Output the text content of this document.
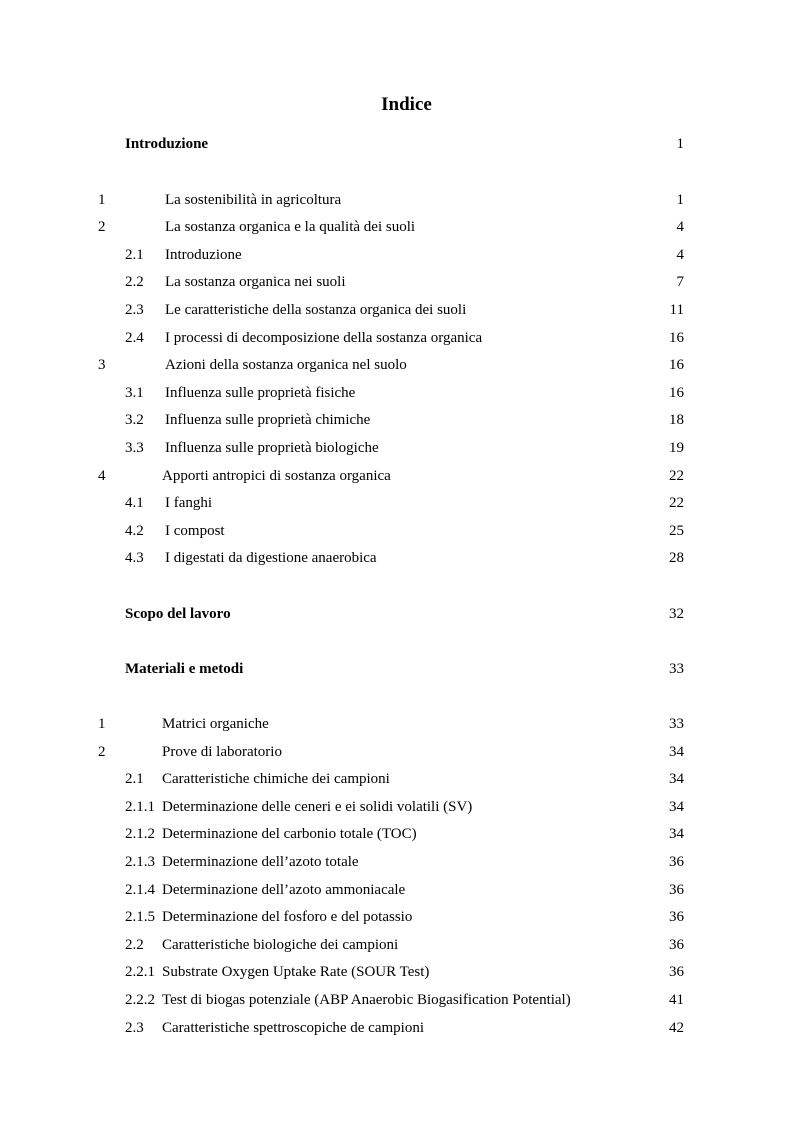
Indice
Introduzione	1
1	La sostenibilità in agricoltura	1
2	La sostanza organica e la qualità dei suoli	4
2.1 Introduzione	4
2.2 La sostanza organica nei suoli	7
2.3 Le caratteristiche della sostanza organica dei suoli	11
2.4 I processi di decomposizione della sostanza organica	16
3	Azioni della sostanza organica nel suolo	16
3.1 Influenza sulle proprietà fisiche	16
3.2 Influenza sulle proprietà chimiche	18
3.3 Influenza sulle proprietà biologiche	19
4	Apporti antropici di sostanza organica	22
4.1 I fanghi	22
4.2 I compost	25
4.3 I digestati da digestione anaerobica	28
Scopo del lavoro	32
Materiali e metodi	33
1	Matrici organiche	33
2	Prove di laboratorio	34
2.1 Caratteristiche chimiche dei campioni	34
2.1.1 Determinazione delle ceneri e ei solidi volatili (SV)	34
2.1.2 Determinazione del carbonio totale (TOC)	34
2.1.3 Determinazione dell’azoto totale	36
2.1.4 Determinazione dell’azoto ammoniacale	36
2.1.5 Determinazione del fosforo e del potassio	36
2.2 Caratteristiche biologiche dei campioni	36
2.2.1 Substrate Oxygen Uptake Rate (SOUR Test)	36
2.2.2 Test di biogas potenziale (ABP Anaerobic Biogasification Potential)	41
2.3 Caratteristiche spettroscopiche de campioni	42
